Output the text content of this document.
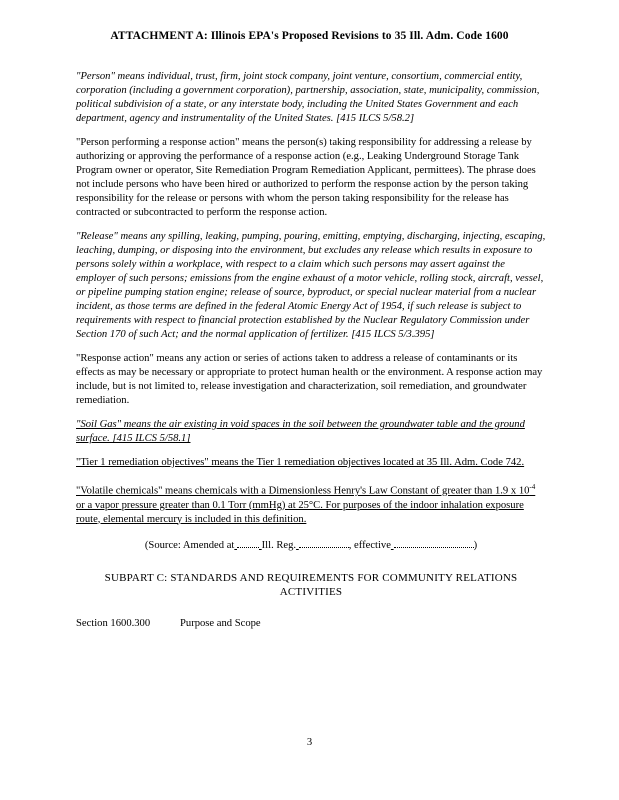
ATTACHMENT A: Illinois EPA's Proposed Revisions to 35 Ill. Adm. Code 1600

"Person" means individual, trust, firm, joint stock company, joint venture, consortium, commercial entity, corporation (including a government corporation), partnership, association, state, municipality, commission, political subdivision of a state, or any interstate body, including the United States Government and each department, agency and instrumentality of the United States. [415 ILCS 5/58.2]

"Person performing a response action" means the person(s) taking responsibility for addressing a release by authorizing or approving the performance of a response action (e.g., Leaking Underground Storage Tank Program owner or operator, Site Remediation Program Remediation Applicant, permittees). The phrase does not include persons who have been hired or authorized to perform the response action by the person taking responsibility for the release or persons with whom the person taking responsibility for the release has contracted or subcontracted to perform the response action.

"Release" means any spilling, leaking, pumping, pouring, emitting, emptying, discharging, injecting, escaping, leaching, dumping, or disposing into the environment, but excludes any release which results in exposure to persons solely within a workplace, with respect to a claim which such persons may assert against the employer of such persons; emissions from the engine exhaust of a motor vehicle, rolling stock, aircraft, vessel, or pipeline pumping station engine; release of source, byproduct, or special nuclear material from a nuclear incident, as those terms are defined in the federal Atomic Energy Act of 1954, if such release is subject to requirements with respect to financial protection established by the Nuclear Regulatory Commission under Section 170 of such Act; and the normal application of fertilizer. [415 ILCS 5/3.395]

"Response action" means any action or series of actions taken to address a release of contaminants or its effects as may be necessary or appropriate to protect human health or the environment. A response action may include, but is not limited to, release investigation and characterization, soil remediation, and groundwater remediation.

"Soil Gas" means the air existing in void spaces in the soil between the groundwater table and the ground surface. [415 ILCS 5/58.1]

"Tier 1 remediation objectives" means the Tier 1 remediation objectives located at 35 Ill. Adm. Code 742.

"Volatile chemicals" means chemicals with a Dimensionless Henry's Law Constant of greater than 1.9 x $10^{-4}$ or a vapor pressure greater than 0.1 Torr (mmHg) at 25°C. For purposes of the indoor inhalation exposure route, elemental mercury is included in this definition.

(Source: Amended at	Ill. Reg.	, effective	)
SUBPART C: STANDARDS AND REQUIREMENTS FOR COMMUNITY RELATIONS
ACTIVITIES
Section 1600.300	Purpose and Scope
3
